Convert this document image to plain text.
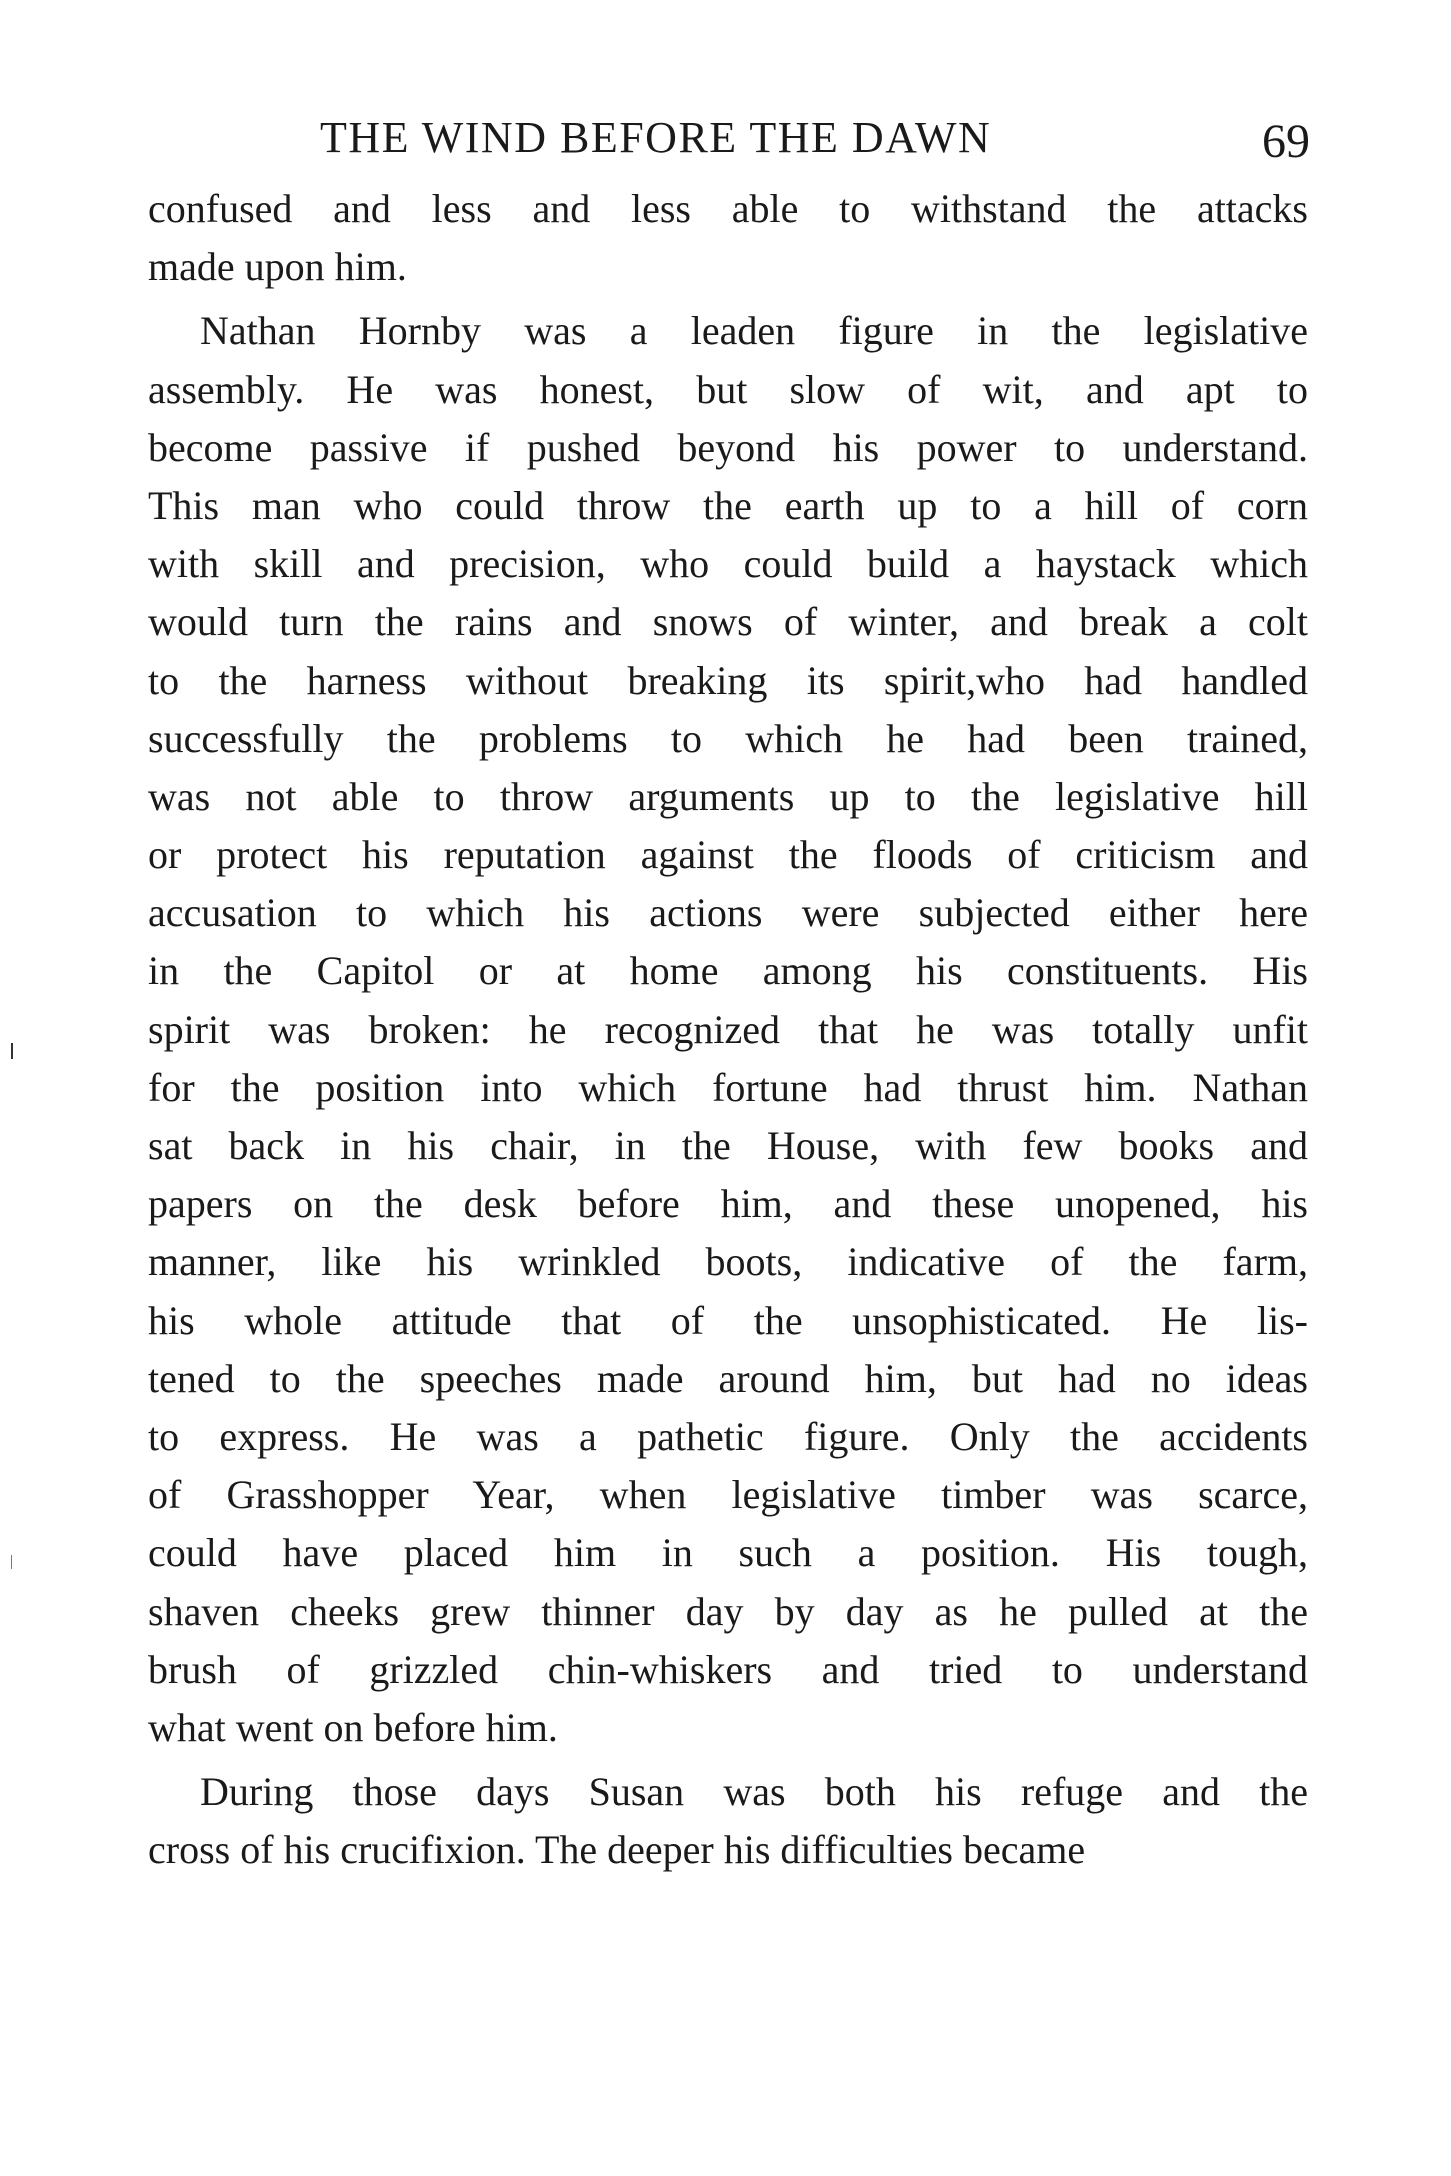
THE WIND BEFORE THE DAWN	69
confused and less and less able to withstand the attacks
made upon him.
Nathan Hornby was a leaden figure in the legislative
assembly. He was honest, but slow of wit, and apt to
become passive if pushed beyond his power to understand.
This man who could throw the earth up to a hill of corn
with skill and precision, who could build a haystack which
would turn the rains and snows of winter, and break a colt
to the harness without breaking its spirit,who had handled
successfully the problems to which he had been trained,
was not able to throw arguments up to the legislative hill
or protect his reputation against the floods of criticism and
accusation to which his actions were subjected either here
in the Capitol or at home among his constituents. His
spirit was broken: he recognized that he was totally unfit
for the position into which fortune had thrust him. Nathan
sat back in his chair, in the House, with few books and
papers on the desk before him, and these unopened, his
manner, like his wrinkled boots, indicative of the farm,
his whole attitude that of the unsophisticated. He lis-
tened to the speeches made around him, but had no ideas
to express. He was a pathetic figure. Only the accidents
of Grasshopper Year, when legislative timber was scarce,
could have placed him in such a position. His tough,
shaven cheeks grew thinner day by day as he pulled at the
brush of grizzled chin-whiskers and tried to understand
what went on before him.
During those days Susan was both his refuge and the
cross of his crucifixion. The deeper his difficulties became
